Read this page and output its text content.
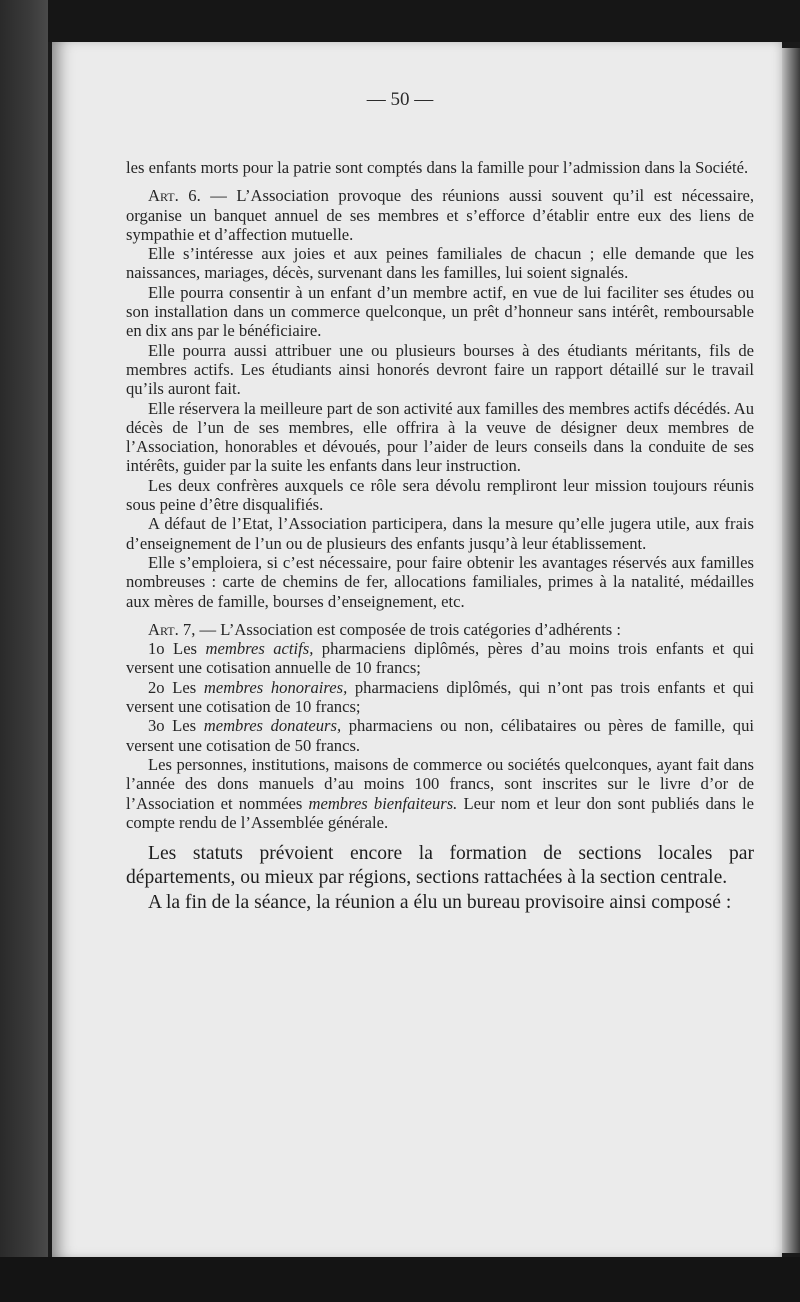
— 50 —

les enfants morts pour la patrie sont comptés dans la famille pour l’admission dans la Société.

Art. 6. — L’Association provoque des réunions aussi souvent qu’il est nécessaire, organise un banquet annuel de ses membres et s’efforce d’établir entre eux des liens de sympathie et d’affection mutuelle.

Elle s’intéresse aux joies et aux peines familiales de chacun ; elle demande que les naissances, mariages, décès, survenant dans les familles, lui soient signalés.

Elle pourra consentir à un enfant d’un membre actif, en vue de lui faciliter ses études ou son installation dans un commerce quelconque, un prêt d’honneur sans intérêt, remboursable en dix ans par le bénéficiaire.

Elle pourra aussi attribuer une ou plusieurs bourses à des étudiants méritants, fils de membres actifs. Les étudiants ainsi honorés devront faire un rapport détaillé sur le travail qu’ils auront fait.

Elle réservera la meilleure part de son activité aux familles des membres actifs décédés. Au décès de l’un de ses membres, elle offrira à la veuve de désigner deux membres de l’Association, honorables et dévoués, pour l’aider de leurs conseils dans la conduite de ses intérêts, guider par la suite les enfants dans leur instruction.

Les deux confrères auxquels ce rôle sera dévolu rempliront leur mission toujours réunis sous peine d’être disqualifiés.

A défaut de l’Etat, l’Association participera, dans la mesure qu’elle jugera utile, aux frais d’enseignement de l’un ou de plusieurs des enfants jusqu’à leur établissement.

Elle s’emploiera, si c’est nécessaire, pour faire obtenir les avantages réservés aux familles nombreuses : carte de chemins de fer, allocations familiales, primes à la natalité, médailles aux mères de famille, bourses d’enseignement, etc.

Art. 7, — L’Association est composée de trois catégories d’adhérents :

1o Les membres actifs, pharmaciens diplômés, pères d’au moins trois enfants et qui versent une cotisation annuelle de 10 francs;

2o Les membres honoraires, pharmaciens diplômés, qui n’ont pas trois enfants et qui versent une cotisation de 10 francs;

3o Les membres donateurs, pharmaciens ou non, célibataires ou pères de famille, qui versent une cotisation de 50 francs.

Les personnes, institutions, maisons de commerce ou sociétés quelconques, ayant fait dans l’année des dons manuels d’au moins 100 francs, sont inscrites sur le livre d’or de l’Association et nommées membres bienfaiteurs. Leur nom et leur don sont publiés dans le compte rendu de l’Assemblée générale.

Les statuts prévoient encore la formation de sections locales par départements, ou mieux par régions, sections rattachées à la section centrale.

A la fin de la séance, la réunion a élu un bureau provisoire ainsi composé :
